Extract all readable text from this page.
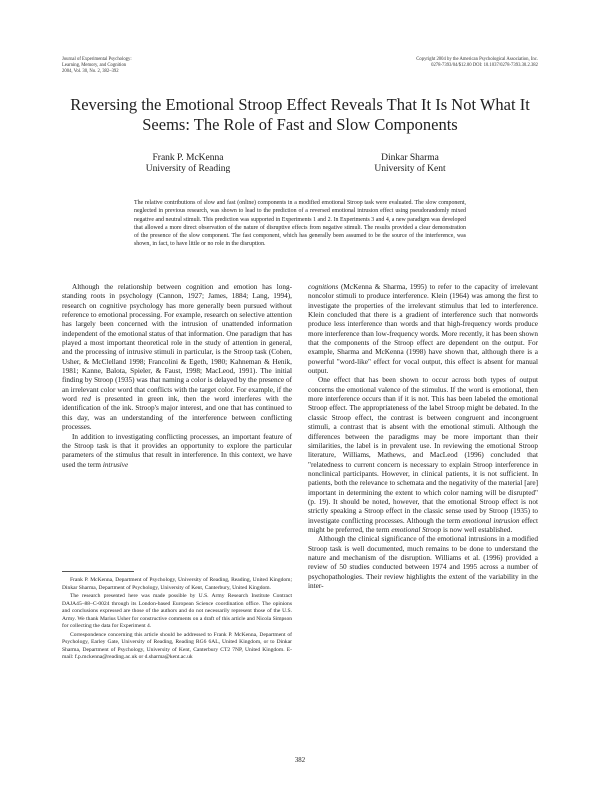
Journal of Experimental Psychology:
Learning, Memory, and Cognition
2004, Vol. 30, No. 2, 382–392
Copyright 2004 by the American Psychological Association, Inc.
0278-7393/04/$12.00 DOI: 10.1037/0278-7393.30.2.382
Reversing the Emotional Stroop Effect Reveals That It Is Not What It Seems: The Role of Fast and Slow Components
Frank P. McKenna
University of Reading
Dinkar Sharma
University of Kent
The relative contributions of slow and fast (online) components in a modified emotional Stroop task were evaluated. The slow component, neglected in previous research, was shown to lead to the prediction of a reversed emotional intrusion effect using pseudorandomly mixed negative and neutral stimuli. This prediction was supported in Experiments 1 and 2. In Experiments 3 and 4, a new paradigm was developed that allowed a more direct observation of the nature of disruptive effects from negative stimuli. The results provided a clear demonstration of the presence of the slow component. The fast component, which has generally been assumed to be the source of the interference, was shown, in fact, to have little or no role in the disruption.

Although the relationship between cognition and emotion has long-standing roots in psychology (Cannon, 1927; James, 1884; Lang, 1994), research on cognitive psychology has more generally been pursued without reference to emotional processing. For example, research on selective attention has largely been concerned with the intrusion of unattended information independent of the emotional status of that information. One paradigm that has played a most important theoretical role in the study of attention in general, and the processing of intrusive stimuli in particular, is the Stroop task (Cohen, Usher, & McClelland 1998; Francolini & Egeth, 1980; Kahneman & Henik, 1981; Kanne, Balota, Spieler, & Faust, 1998; MacLeod, 1991). The initial finding by Stroop (1935) was that naming a color is delayed by the presence of an irrelevant color word that conflicts with the target color. For example, if the word red is presented in green ink, then the word interferes with the identification of the ink. Stroop's major interest, and one that has continued to this day, was an understanding of the interference between conflicting processes.

In addition to investigating conflicting processes, an important feature of the Stroop task is that it provides an opportunity to explore the particular parameters of the stimulus that result in interference. In this context, we have used the term intrusive

Frank P. McKenna, Department of Psychology, University of Reading, Reading, United Kingdom; Dinkar Sharma, Department of Psychology, University of Kent, Canterbury, United Kingdom.

The research presented here was made possible by U.S. Army Research Institute Contract DAJA45–88–C-0024 through its London-based European Science coordination office. The opinions and conclusions expressed are those of the authors and do not necessarily represent those of the U.S. Army. We thank Marius Usher for constructive comments on a draft of this article and Nicola Simpson for collecting the data for Experiment 4.

Correspondence concerning this article should be addressed to Frank P. McKenna, Department of Psychology, Earley Gate, University of Reading, Reading RG6 6AL, United Kingdom, or to Dinkar Sharma, Department of Psychology, University of Kent, Canterbury CT2 7NP, United Kingdom. E-mail: f.p.mckenna@reading.ac.uk or d.sharma@kent.ac.uk

cognitions (McKenna & Sharma, 1995) to refer to the capacity of irrelevant noncolor stimuli to produce interference. Klein (1964) was among the first to investigate the properties of the irrelevant stimulus that led to interference. Klein concluded that there is a gradient of interference such that nonwords produce less interference than words and that high-frequency words produce more interference than low-frequency words. More recently, it has been shown that the components of the Stroop effect are dependent on the output. For example, Sharma and McKenna (1998) have shown that, although there is a powerful "word-like" effect for vocal output, this effect is absent for manual output.

One effect that has been shown to occur across both types of output concerns the emotional valence of the stimulus. If the word is emotional, then more interference occurs than if it is not. This has been labeled the emotional Stroop effect. The appropriateness of the label Stroop might be debated. In the classic Stroop effect, the contrast is between congruent and incongruent stimuli, a contrast that is absent with the emotional stimuli. Although the differences between the paradigms may be more important than their similarities, the label is in prevalent use. In reviewing the emotional Stroop literature, Williams, Mathews, and MacLeod (1996) concluded that "relatedness to current concern is necessary to explain Stroop interference in nonclinical participants. However, in clinical patients, it is not sufficient. In patients, both the relevance to schemata and the negativity of the material [are] important in determining the extent to which color naming will be disrupted" (p. 19). It should be noted, however, that the emotional Stroop effect is not strictly speaking a Stroop effect in the classic sense used by Stroop (1935) to investigate conflicting processes. Although the term emotional intrusion effect might be preferred, the term emotional Stroop is now well established.

Although the clinical significance of the emotional intrusions in a modified Stroop task is well documented, much remains to be done to understand the nature and mechanism of the disruption. Williams et al. (1996) provided a review of 50 studies conducted between 1974 and 1995 across a number of psychopathologies. Their review highlights the extent of the variability in the inter-

382
